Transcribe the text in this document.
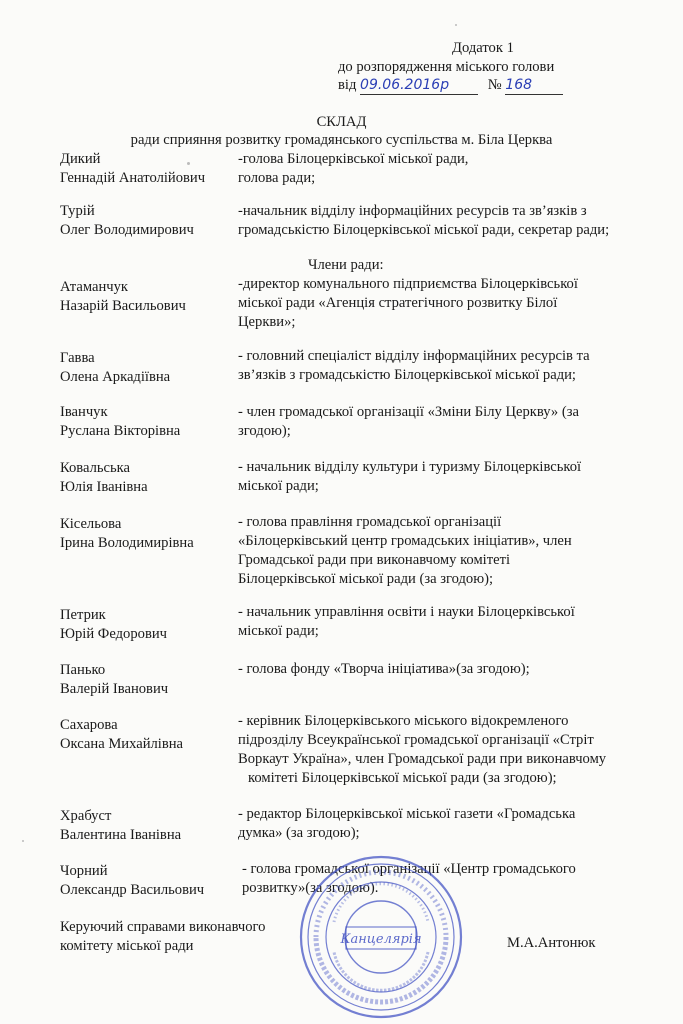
Додаток 1
до розпорядження міського голови
від 09.06.2016р	№ 168
СКЛАД
ради сприяння розвитку громадянського суспільства м. Біла Церква
Дикий
Геннадій Анатолійович
-голова Білоцерківської міської ради,
голова ради;
Турій
Олег Володимирович
-начальник відділу інформаційних ресурсів та зв’язків з
громадськістю Білоцерківської міської ради, секретар ради;
Члени ради:
Атаманчук
Назарій Васильович
-директор комунального підприємства Білоцерківської
міської ради «Агенція стратегічного розвитку Білої
Церкви»;
Гавва
Олена Аркадіївна
- головний спеціаліст відділу інформаційних ресурсів та
зв’язків з громадськістю Білоцерківської міської ради;
Іванчук
Руслана Вікторівна
- член громадської організації «Зміни Білу Церкву» (за
згодою);
Ковальська
Юлія Іванівна
- начальник відділу культури і туризму Білоцерківської
міської ради;
Кісельова
Ірина Володимирівна
- голова правління громадської організації
«Білоцерківський центр громадських ініціатив», член
Громадської ради при виконавчому комітеті
Білоцерківської міської ради (за згодою);
Петрик
Юрій Федорович
- начальник управління освіти і науки Білоцерківської
міської ради;
Панько
Валерій Іванович
- голова фонду «Творча ініціатива»(за згодою);
Сахарова
Оксана Михайлівна
- керівник Білоцерківського міського відокремленого
підрозділу Всеукраїнської громадської організації «Стріт
Воркаут Україна», член Громадської ради при виконавчому
комітеті Білоцерківської міської ради (за згодою);
Храбуст
Валентина Іванівна
- редактор Білоцерківської міської газети «Громадська
думка» (за згодою);
Чорний
Олександр Васильович
- голова громадської організації «Центр громадського
розвитку»(за згодою).
Керуючий справами виконавчого
комітету міської ради	М.А.Антонюк
Канцелярія
